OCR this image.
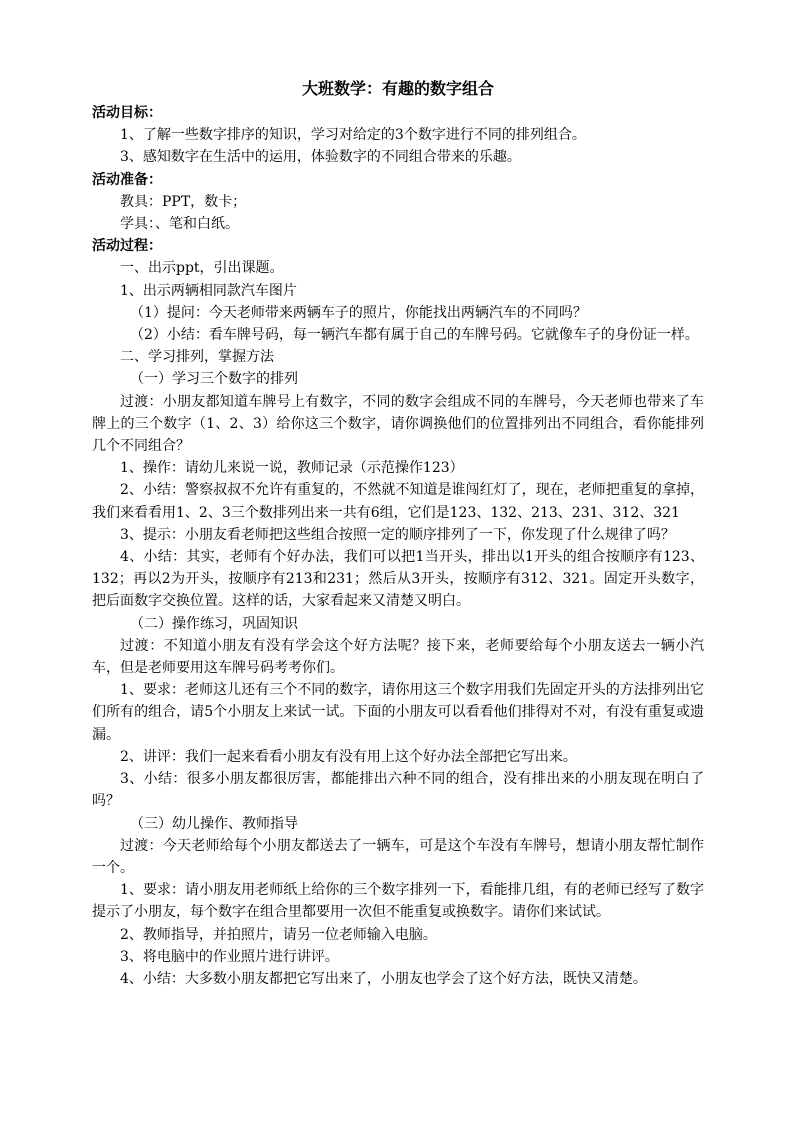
大班数学：有趣的数字组合

活动目标：

1、了解一些数字排序的知识，学习对给定的3个数字进行不同的排列组合。

3、感知数字在生活中的运用，体验数字的不同组合带来的乐趣。

活动准备：

教具：PPT，数卡；

学具：、笔和白纸。

活动过程：

一、出示ppt，引出课题。

1、出示两辆相同款汽车图片

（1）提问：今天老师带来两辆车子的照片，你能找出两辆汽车的不同吗？

（2）小结：看车牌号码，每一辆汽车都有属于自己的车牌号码。它就像车子的身份证一样。

二、学习排列，掌握方法

（一）学习三个数字的排列

过渡：小朋友都知道车牌号上有数字，不同的数字会组成不同的车牌号，今天老师也带来了车牌上的三个数字（1、2、3）给你这三个数字，请你调换他们的位置排列出不同组合，看你能排列几个不同组合？

1、操作：请幼儿来说一说，教师记录（示范操作123）

2、小结：警察叔叔不允许有重复的，不然就不知道是谁闯红灯了，现在，老师把重复的拿掉，我们来看看用1、2、3三个数排列出来一共有6组，它们是123、132、213、231、312、321

3、提示：小朋友看老师把这些组合按照一定的顺序排列了一下，你发现了什么规律了吗？

4、小结：其实，老师有个好办法，我们可以把1当开头，排出以1开头的组合按顺序有123、132；再以2为开头，按顺序有213和231；然后从3开头，按顺序有312、321。固定开头数字，把后面数字交换位置。这样的话，大家看起来又清楚又明白。

（二）操作练习，巩固知识

过渡：不知道小朋友有没有学会这个好方法呢？接下来，老师要给每个小朋友送去一辆小汽车，但是老师要用这车牌号码考考你们。

1、要求：老师这儿还有三个不同的数字，请你用这三个数字用我们先固定开头的方法排列出它们所有的组合，请5个小朋友上来试一试。下面的小朋友可以看看他们排得对不对，有没有重复或遗漏。

2、讲评：我们一起来看看小朋友有没有用上这个好办法全部把它写出来。

3、小结：很多小朋友都很厉害，都能排出六种不同的组合，没有排出来的小朋友现在明白了吗？

（三）幼儿操作、教师指导

过渡：今天老师给每个小朋友都送去了一辆车，可是这个车没有车牌号，想请小朋友帮忙制作一个。

1、要求：请小朋友用老师纸上给你的三个数字排列一下，看能排几组，有的老师已经写了数字提示了小朋友，每个数字在组合里都要用一次但不能重复或换数字。请你们来试试。

2、教师指导，并拍照片，请另一位老师输入电脑。

3、将电脑中的作业照片进行讲评。

4、小结：大多数小朋友都把它写出来了，小朋友也学会了这个好方法，既快又清楚。
